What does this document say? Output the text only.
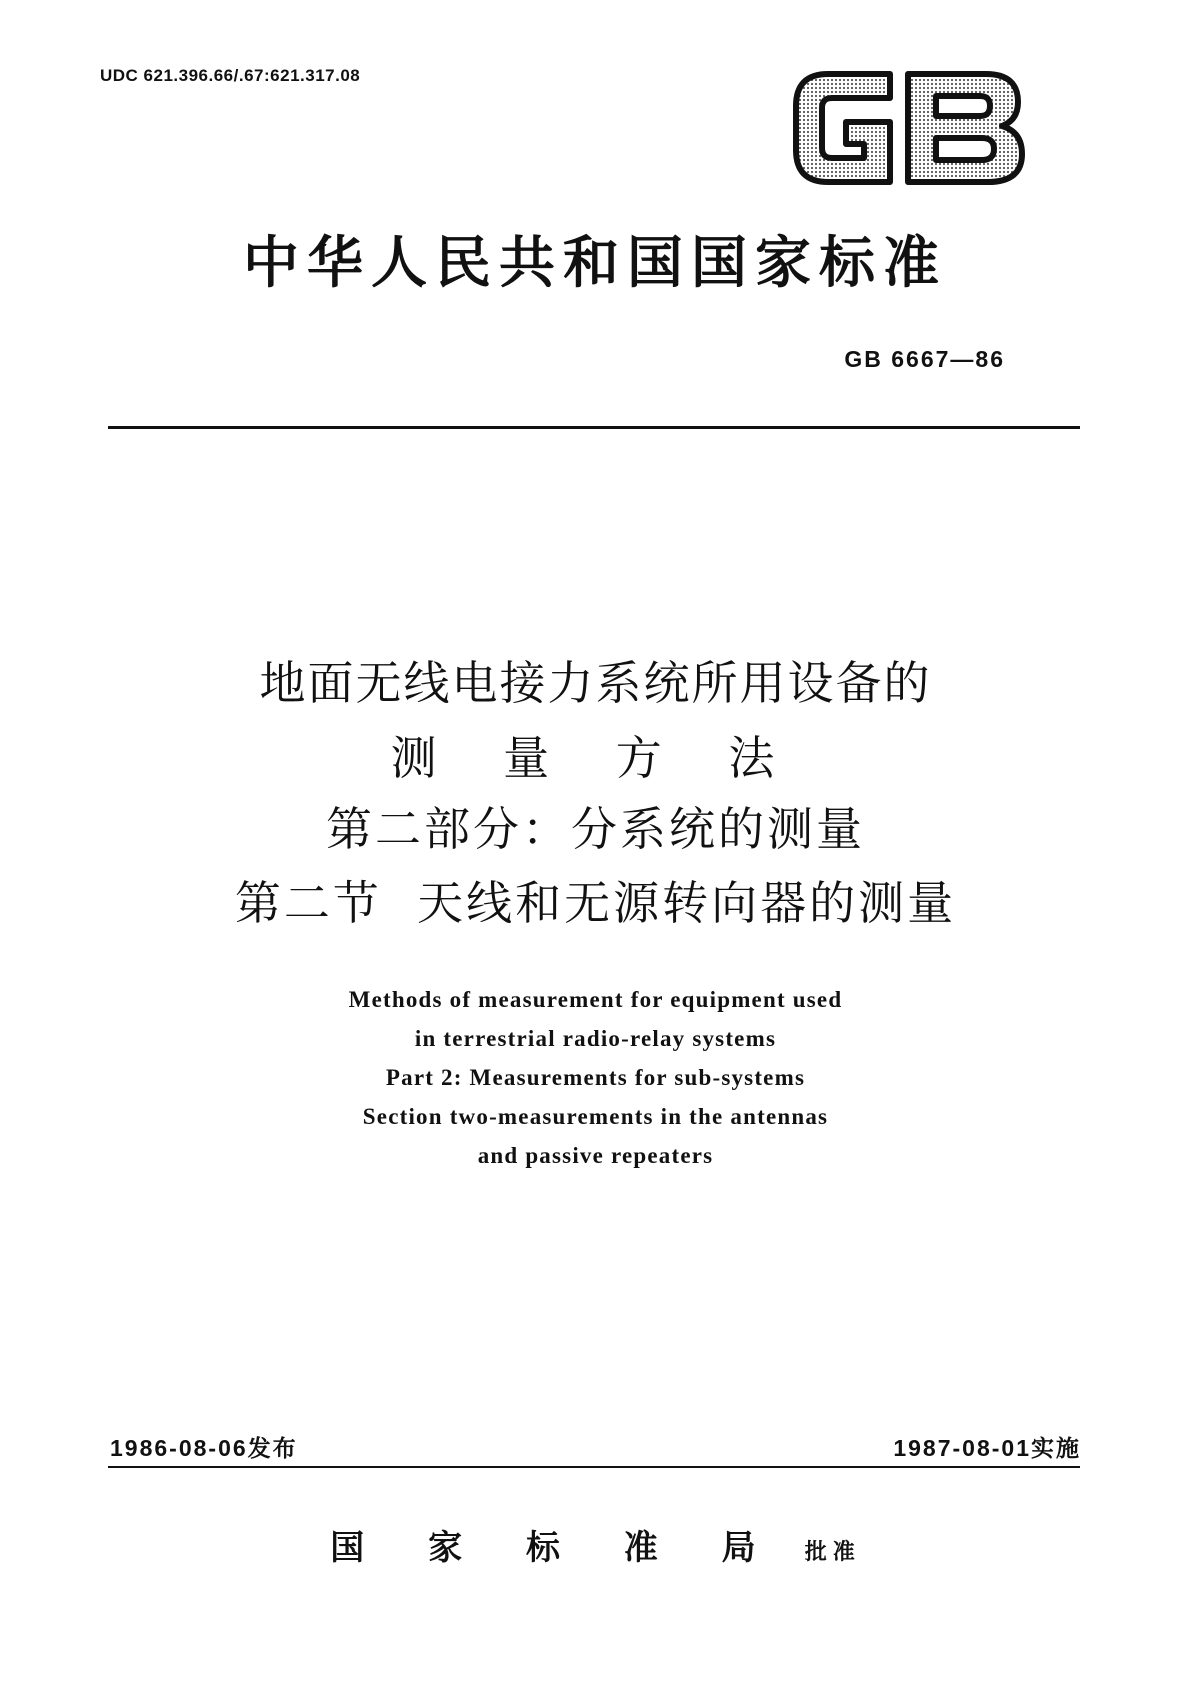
UDC 621.396.66/.67:621.317.08
中华人民共和国国家标准
GB 6667—86
地面无线电接力系统所用设备的
测 量 方 法
第二部分：分系统的测量
第二节  天线和无源转向器的测量
Methods of measurement for equipment used
in terrestrial radio-relay systems
Part 2: Measurements for sub-systems
Section two-measurements in the antennas
and passive repeaters
1986-08-06发布	1987-08-01实施
国 家 标 准 局 批准
